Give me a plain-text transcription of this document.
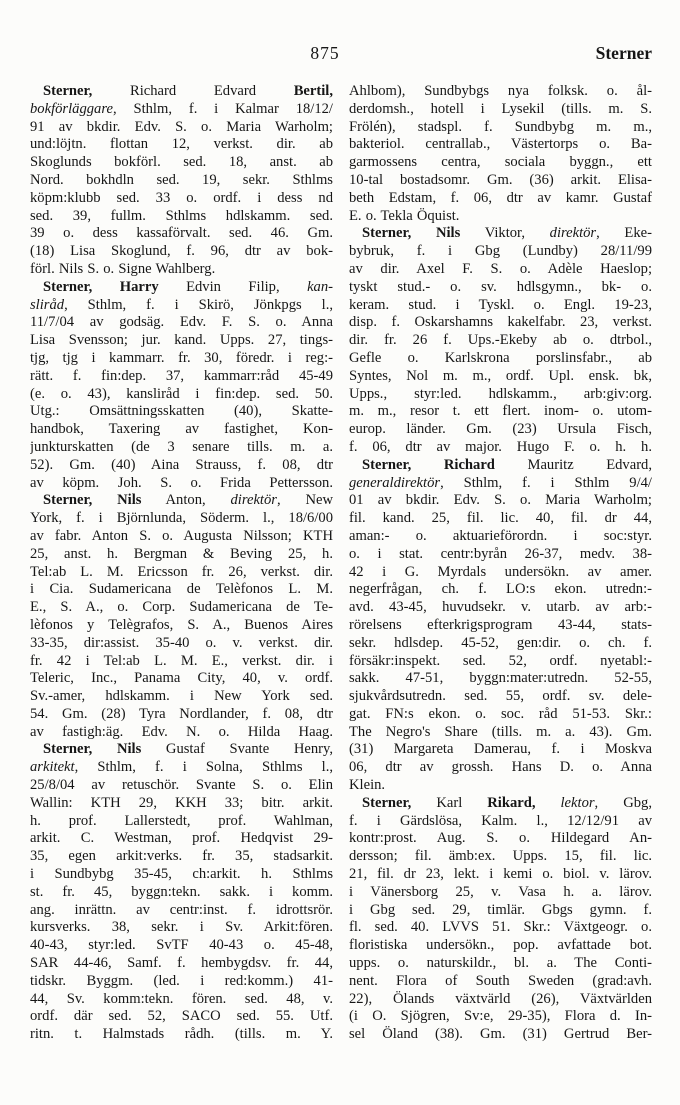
875	Sterner
Sterner, Richard Edvard Bertil,
bokförläggare, Sthlm, f. i Kalmar 18/12/
91 av bkdir. Edv. S. o. Maria Warholm;
und:löjtn. flottan 12, verkst. dir. ab
Skoglunds bokförl. sed. 18, anst. ab
Nord. bokhdln sed. 19, sekr. Sthlms
köpm:klubb sed. 33 o. ordf. i dess nd
sed. 39, fullm. Sthlms hdlskamm. sed.
39 o. dess kassaförvalt. sed. 46. Gm.
(18) Lisa Skoglund, f. 96, dtr av bok-
förl. Nils S. o. Signe Wahlberg.
Sterner, Harry Edvin Filip, kan-
sliråd, Sthlm, f. i Skirö, Jönkpgs l.,
11/7/04 av godsäg. Edv. F. S. o. Anna
Lisa Svensson; jur. kand. Upps. 27, tings-
tjg, tjg i kammarr. fr. 30, föredr. i reg:-
rätt. f. fin:dep. 37, kammarr:råd 45-49
(e. o. 43), kansliråd i fin:dep. sed. 50.
Utg.: Omsättningsskatten (40), Skatte-
handbok, Taxering av fastighet, Kon-
junkturskatten (de 3 senare tills. m. a.
52). Gm. (40) Aina Strauss, f. 08, dtr
av köpm. Joh. S. o. Frida Pettersson.
Sterner, Nils Anton, direktör, New
York, f. i Björnlunda, Söderm. l., 18/6/00
av fabr. Anton S. o. Augusta Nilsson; KTH
25, anst. h. Bergman & Beving 25, h.
Tel:ab L. M. Ericsson fr. 26, verkst. dir.
i Cia. Sudamericana de Telèfonos L. M.
E., S. A., o. Corp. Sudamericana de Te-
lèfonos y Telègrafos, S. A., Buenos Aires
33-35, dir:assist. 35-40 o. v. verkst. dir.
fr. 42 i Tel:ab L. M. E., verkst. dir. i
Teleric, Inc., Panama City, 40, v. ordf.
Sv.-amer, hdlskamm. i New York sed.
54. Gm. (28) Tyra Nordlander, f. 08, dtr
av fastigh:äg. Edv. N. o. Hilda Haag.
Sterner, Nils Gustaf Svante Henry,
arkitekt, Sthlm, f. i Solna, Sthlms l.,
25/8/04 av retuschör. Svante S. o. Elin
Wallin: KTH 29, KKH 33; bitr. arkit.
h. prof. Lallerstedt, prof. Wahlman,
arkit. C. Westman, prof. Hedqvist 29-
35, egen arkit:verks. fr. 35, stadsarkit.
i Sundbybg 35-45, ch:arkit. h. Sthlms
st. fr. 45, byggn:tekn. sakk. i komm.
ang. inrättn. av centr:inst. f. idrottsrör.
kursverks. 38, sekr. i Sv. Arkit:fören.
40-43, styr:led. SvTF 40-43 o. 45-48,
SAR 44-46, Samf. f. hembygdsv. fr. 44,
tidskr. Byggm. (led. i red:komm.) 41-
44, Sv. komm:tekn. fören. sed. 48, v.
ordf. där sed. 52, SACO sed. 55. Utf.
ritn. t. Halmstads rådh. (tills. m. Y.
Ahlbom), Sundbybgs nya folksk. o. ål-
derdomsh., hotell i Lysekil (tills. m. S.
Frölén), stadspl. f. Sundbybg m. m.,
bakteriol. centrallab., Västertorps o. Ba-
garmossens centra, sociala byggn., ett
10-tal bostadsomr. Gm. (36) arkit. Elisa-
beth Edstam, f. 06, dtr av kamr. Gustaf
E. o. Tekla Öquist.
Sterner, Nils Viktor, direktör, Eke-
bybruk, f. i Gbg (Lundby) 28/11/99
av dir. Axel F. S. o. Adèle Haeslop;
tyskt stud.- o. sv. hdlsgymn., bk- o.
keram. stud. i Tyskl. o. Engl. 19-23,
disp. f. Oskarshamns kakelfabr. 23, verkst.
dir. fr. 26 f. Ups.-Ekeby ab o. dtrbol.,
Gefle o. Karlskrona porslinsfabr., ab
Syntes, Nol m. m., ordf. Upl. ensk. bk,
Upps., styr:led. hdlskamm., arb:giv:org.
m. m., resor t. ett flert. inom- o. utom-
europ. länder. Gm. (23) Ursula Fisch,
f. 06, dtr av major. Hugo F. o. h. h.
Sterner, Richard Mauritz Edvard,
generaldirektör, Sthlm, f. i Sthlm 9/4/
01 av bkdir. Edv. S. o. Maria Warholm;
fil. kand. 25, fil. lic. 40, fil. dr 44,
aman:- o. aktuarieförordn. i soc:styr.
o. i stat. centr:byrån 26-37, medv. 38-
42 i G. Myrdals undersökn. av amer.
negerfrågan, ch. f. LO:s ekon. utredn:-
avd. 43-45, huvudsekr. v. utarb. av arb:-
rörelsens efterkrigsprogram 43-44, stats-
sekr. hdlsdep. 45-52, gen:dir. o. ch. f.
försäkr:inspekt. sed. 52, ordf. nyetabl:-
sakk. 47-51, byggn:mater:utredn. 52-55,
sjukvårdsutredn. sed. 55, ordf. sv. dele-
gat. FN:s ekon. o. soc. råd 51-53. Skr.:
The Negro's Share (tills. m. a. 43). Gm.
(31) Margareta Damerau, f. i Moskva
06, dtr av grossh. Hans D. o. Anna
Klein.
Sterner, Karl Rikard, lektor, Gbg,
f. i Gärdslösa, Kalm. l., 12/12/91 av
kontr:prost. Aug. S. o. Hildegard An-
dersson; fil. ämb:ex. Upps. 15, fil. lic.
21, fil. dr 23, lekt. i kemi o. biol. v. lärov.
i Vänersborg 25, v. Vasa h. a. lärov.
i Gbg sed. 29, timlär. Gbgs gymn. f.
fl. sed. 40. LVVS 51. Skr.: Växtgeogr. o.
floristiska undersökn., pop. avfattade bot.
upps. o. naturskildr., bl. a. The Conti-
nent. Flora of South Sweden (grad:avh.
22), Ölands växtvärld (26), Växtvärlden
(i O. Sjögren, Sv:e, 29-35), Flora d. In-
sel Öland (38). Gm. (31) Gertrud Ber-
